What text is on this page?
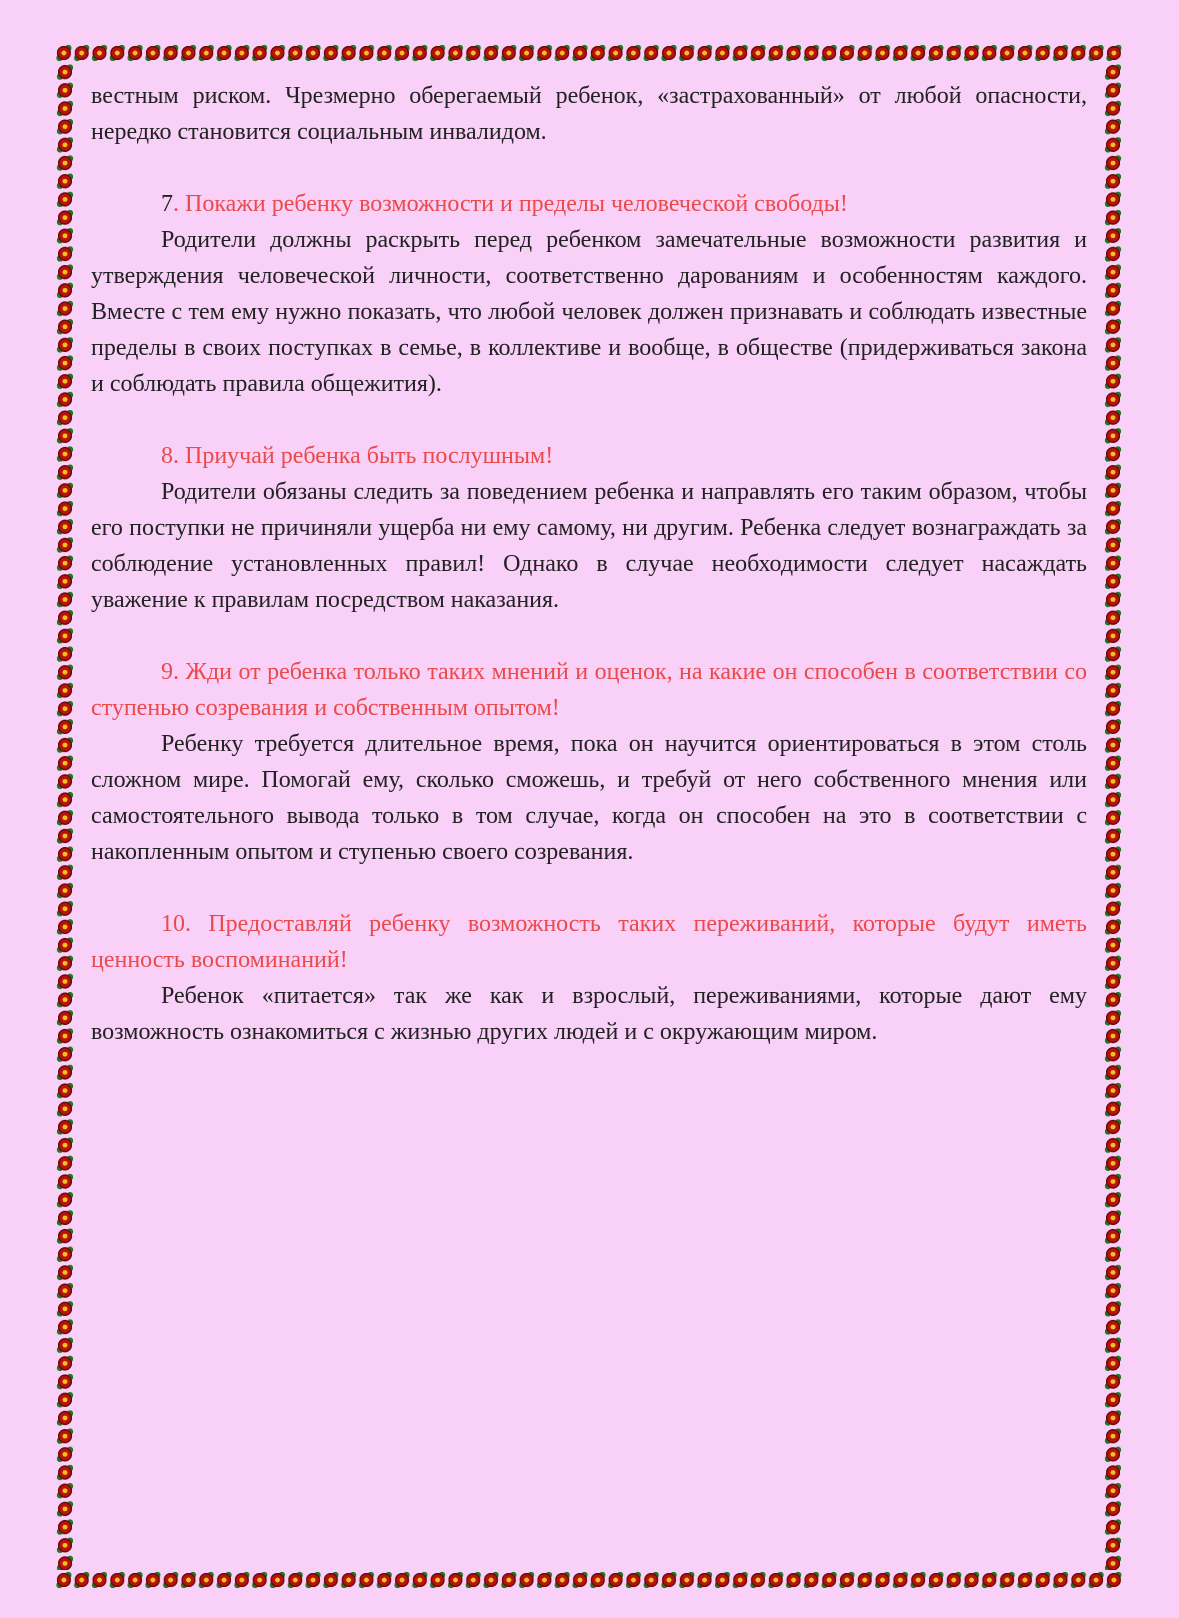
вестным риском. Чрезмерно оберегаемый ребенок, «застрахованный» от любой опасности, нередко становится социальным инвалидом.

7. Покажи ребенку возможности и пределы человеческой свободы!

Родители должны раскрыть перед ребенком замечательные возможности развития и утверждения человеческой личности, соответственно дарованиям и особенностям каждого. Вместе с тем ему нужно показать, что любой человек должен признавать и соблюдать известные пределы в своих поступках в семье, в коллективе и вообще, в обществе (придерживаться закона и соблюдать правила общежития).

8. Приучай ребенка быть послушным!

Родители обязаны следить за поведением ребенка и направлять его таким образом, чтобы его поступки не причиняли ущерба ни ему самому, ни другим. Ребенка следует вознаграждать за соблюдение установленных правил! Однако в случае необходимости следует насаждать уважение к правилам посредством наказания.

9. Жди от ребенка только таких мнений и оценок, на какие он способен в соответствии со ступенью созревания и собственным опытом!

Ребенку требуется длительное время, пока он научится ориентироваться в этом столь сложном мире. Помогай ему, сколько сможешь, и требуй от него собственного мнения или самостоятельного вывода только в том случае, когда он способен на это в соответствии с накопленным опытом и ступенью своего созревания.

10. Предоставляй ребенку возможность таких переживаний, которые будут иметь ценность воспоминаний!

Ребенок «питается» так же как и взрослый, переживаниями, которые дают ему возможность ознакомиться с жизнью других людей и с окружающим миром.
